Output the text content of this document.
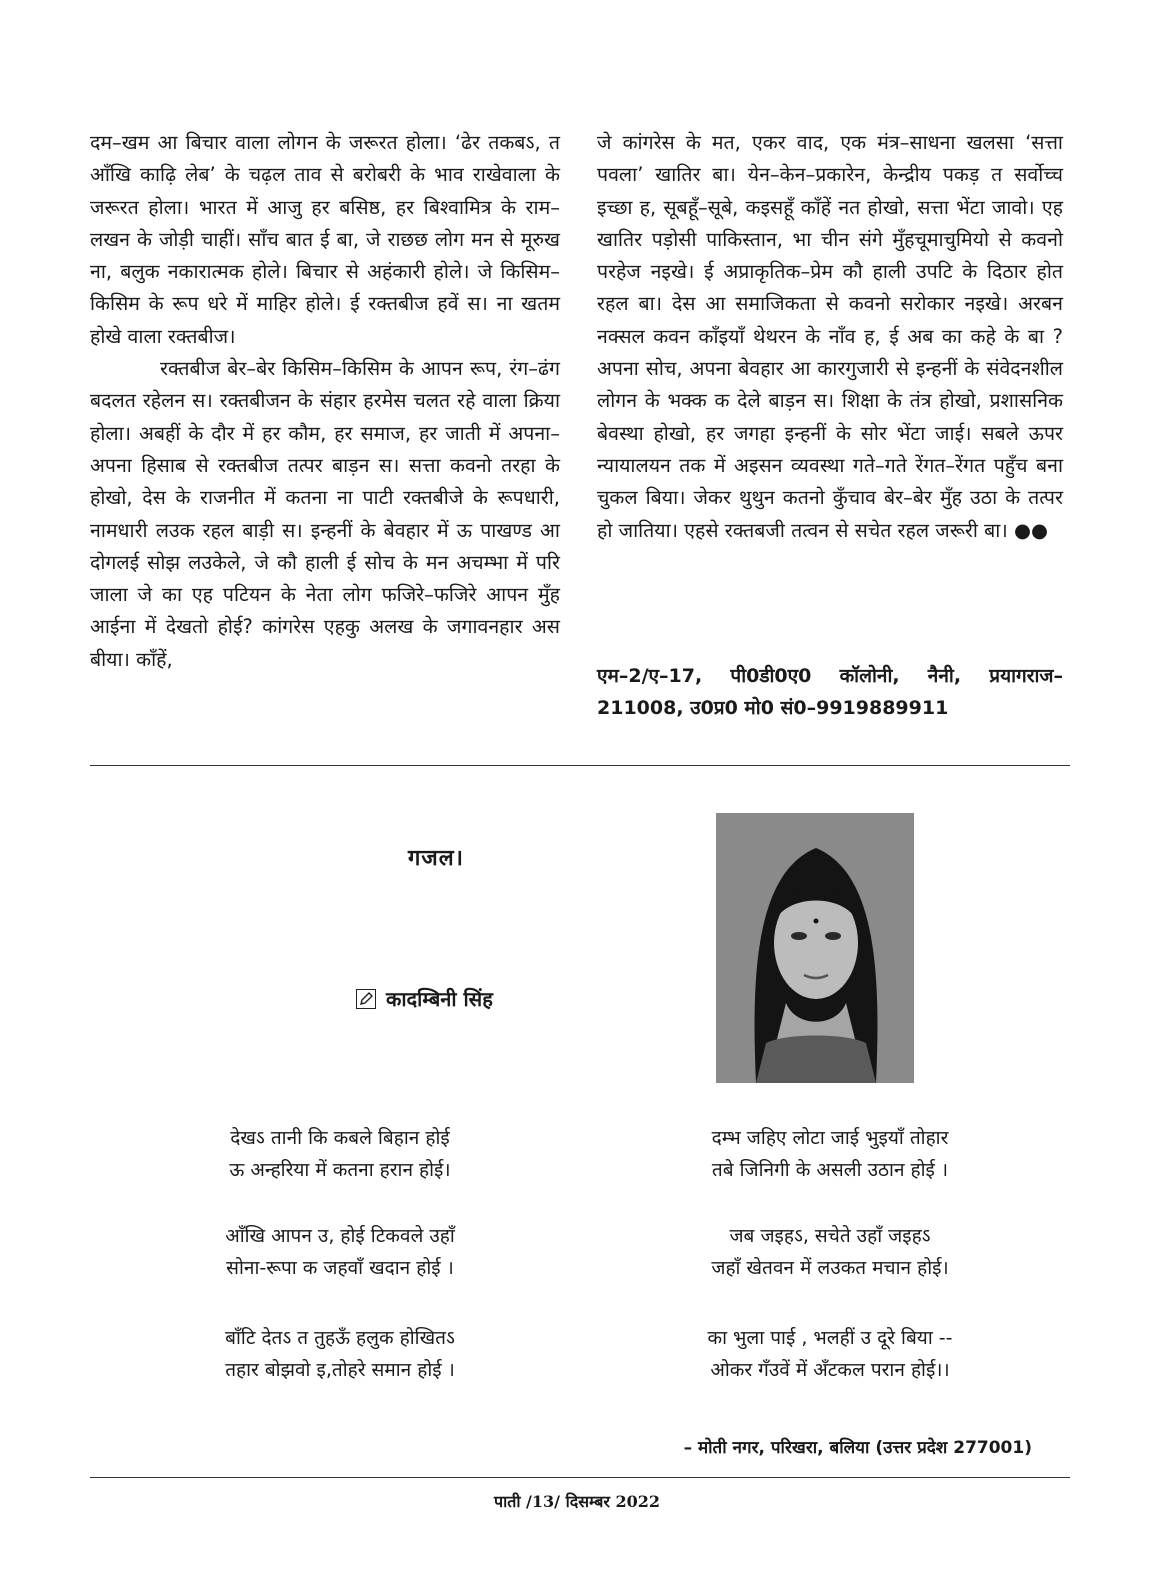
दम–खम आ बिचार वाला लोगन के जरूरत होला। ‘ढेर तकबऽ, त आँखि काढ़ि लेब’ के चढ़ल ताव से बरोबरी के भाव राखेवाला के जरूरत होला। भारत में आजु हर बसिष्ठ, हर बिश्वामित्र के राम–लखन के जोड़ी चाहीं। साँच बात ई बा, जे राछछ लोग मन से मूरुख ना, बलुक नकारात्मक होले। बिचार से अहंकारी होले। जे किसिम–किसिम के रूप धरे में माहिर होले। ई रक्तबीज हवें स। ना खतम होखे वाला रक्तबीज।

रक्तबीज बेर–बेर किसिम–किसिम के आपन रूप, रंग–ढंग बदलत रहेलन स। रक्तबीजन के संहार हरमेस चलत रहे वाला क्रिया होला। अबहीं के दौर में हर कौम, हर समाज, हर जाती में अपना–अपना हिसाब से रक्तबीज तत्पर बाड़न स। सत्ता कवनो तरहा के होखो, देस के राजनीत में कतना ना पाटी रक्तबीजे के रूपधारी, नामधारी लउक रहल बाड़ी स। इन्हनीं के बेवहार में ऊ पाखण्ड आ दोगलई सोझ लउकेले, जे कौ हाली ई सोच के मन अचम्भा में परि जाला जे का एह पटियन के नेता लोग फजिरे–फजिरे आपन मुँह आईना में देखतो होई? कांगरेस एहकु अलख के जगावनहार अस बीया। काँहें,

जे कांगरेस के मत, एकर वाद, एक मंत्र–साधना खलसा ‘सत्ता पवला’ खातिर बा। येन–केन–प्रकारेन, केन्द्रीय पकड़ त सर्वोच्च इच्छा ह, सूबहूँ–सूबे, कइसहूँ काँहें नत होखो, सत्ता भेंटा जावो। एह खातिर पड़ोसी पाकिस्तान, भा चीन संगे मुँहचूमाचुमियो से कवनो परहेज नइखे। ई अप्राकृतिक–प्रेम कौ हाली उपटि के दिठार होत रहल बा। देस आ समाजिकता से कवनो सरोकार नइखे। अरबन नक्सल कवन काँइयाँ थेथरन के नाँव ह, ई अब का कहे के बा ? अपना सोच, अपना बेवहार आ कारगुजारी से इन्हनीं के संवेदनशील लोगन के भक्क क देले बाड़न स। शिक्षा के तंत्र होखो, प्रशासनिक बेवस्था होखो, हर जगहा इन्हनीं के सोर भेंटा जाई। सबले ऊपर न्यायालयन तक में अइसन व्यवस्था गते–गते रेंगत–रेंगत पहुँच बना चुकल बिया। जेकर थुथुन कतनो कुँचाव बेर–बेर मुँह उठा के तत्पर हो जातिया। एहसे रक्तबजी तत्वन से सचेत रहल जरूरी बा। ●●

एम–2/ए–17, पी0डी0ए0 कॉलोनी, नैनी, प्रयागराज–211008, उ0प्र0 मो0 सं0–9919889911
गजल।
कादम्बिनी सिंह
देखऽ तानी कि कबले बिहान होई
ऊ अन्हरिया में कतना हरान होई।
आँखि आपन उ, होई टिकवले उहाँ
सोना-रूपा क जहवाँ खदान होई ।
बाँटि देतऽ त तुहऊँ हलुक होखितऽ
तहार बोझवो इ,तोहरे समान होई ।
दम्भ जहिए लोटा जाई भुइयाँ तोहार
तबे जिनिगी के असली उठान होई ।
जब जइहऽ, सचेते उहाँ जइहऽ
जहाँ खेतवन में लउकत मचान होई।
का भुला पाई , भलहीं उ दूरे बिया --
ओकर गँउवें में अँटकल परान होई।।
– मोती नगर, परिखरा, बलिया (उत्तर प्रदेश 277001)
पाती /13/ दिसम्बर 2022
